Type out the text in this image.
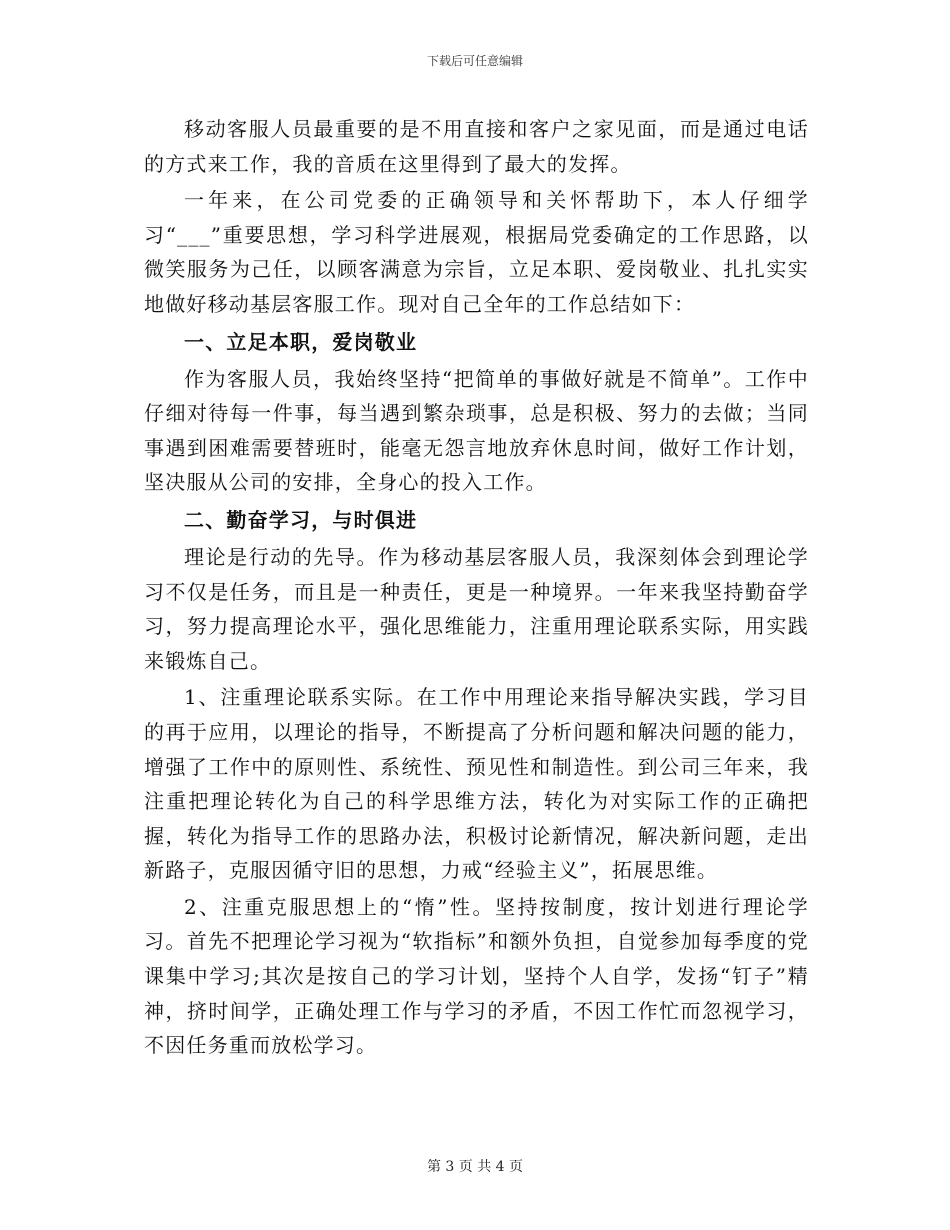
下载后可任意编辑

移动客服人员最重要的是不用直接和客户之家见面，而是通过电话的方式来工作，我的音质在这里得到了最大的发挥。

一年来，在公司党委的正确领导和关怀帮助下，本人仔细学习“___”重要思想，学习科学进展观，根据局党委确定的工作思路，以微笑服务为己任，以顾客满意为宗旨，立足本职、爱岗敬业、扎扎实实地做好移动基层客服工作。现对自己全年的工作总结如下：

一、立足本职，爱岗敬业

作为客服人员，我始终坚持“把简单的事做好就是不简单”。工作中仔细对待每一件事，每当遇到繁杂琐事，总是积极、努力的去做；当同事遇到困难需要替班时，能毫无怨言地放弃休息时间，做好工作计划，坚决服从公司的安排，全身心的投入工作。

二、勤奋学习，与时俱进

理论是行动的先导。作为移动基层客服人员，我深刻体会到理论学习不仅是任务，而且是一种责任，更是一种境界。一年来我坚持勤奋学习，努力提高理论水平，强化思维能力，注重用理论联系实际，用实践来锻炼自己。

1、注重理论联系实际。在工作中用理论来指导解决实践，学习目的再于应用，以理论的指导，不断提高了分析问题和解决问题的能力，增强了工作中的原则性、系统性、预见性和制造性。到公司三年来，我注重把理论转化为自己的科学思维方法，转化为对实际工作的正确把握，转化为指导工作的思路办法，积极讨论新情况，解决新问题，走出新路子，克服因循守旧的思想，力戒“经验主义”，拓展思维。

2、注重克服思想上的“惰”性。坚持按制度，按计划进行理论学习。首先不把理论学习视为“软指标”和额外负担，自觉参加每季度的党课集中学习;其次是按自己的学习计划，坚持个人自学，发扬“钉子”精神，挤时间学，正确处理工作与学习的矛盾，不因工作忙而忽视学习，不因任务重而放松学习。

第 3 页 共 4 页
